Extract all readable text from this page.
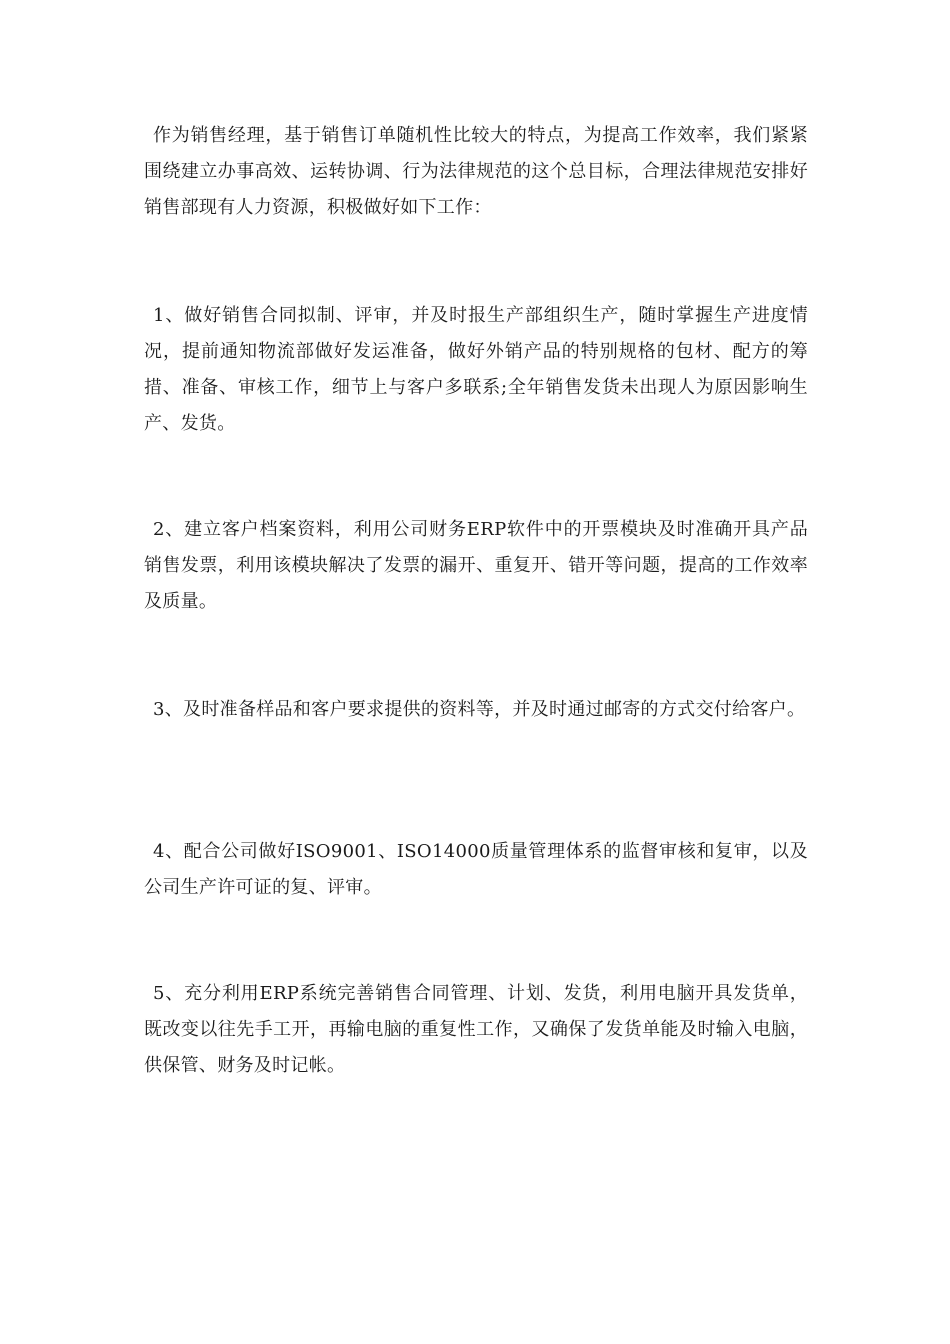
作为销售经理，基于销售订单随机性比较大的特点，为提高工作效率，我们紧紧围绕建立办事高效、运转协调、行为法律规范的这个总目标，合理法律规范安排好销售部现有人力资源，积极做好如下工作：

1、做好销售合同拟制、评审，并及时报生产部组织生产，随时掌握生产进度情况，提前通知物流部做好发运准备，做好外销产品的特别规格的包材、配方的筹措、准备、审核工作，细节上与客户多联系;全年销售发货未出现人为原因影响生产、发货。

2、建立客户档案资料，利用公司财务ERP软件中的开票模块及时准确开具产品销售发票，利用该模块解决了发票的漏开、重复开、错开等问题，提高的工作效率及质量。

3、及时准备样品和客户要求提供的资料等，并及时通过邮寄的方式交付给客户。

4、配合公司做好ISO9001、ISO14000质量管理体系的监督审核和复审，以及公司生产许可证的复、评审。

5、充分利用ERP系统完善销售合同管理、计划、发货，利用电脑开具发货单，既改变以往先手工开，再输电脑的重复性工作，又确保了发货单能及时输入电脑，供保管、财务及时记帐。
